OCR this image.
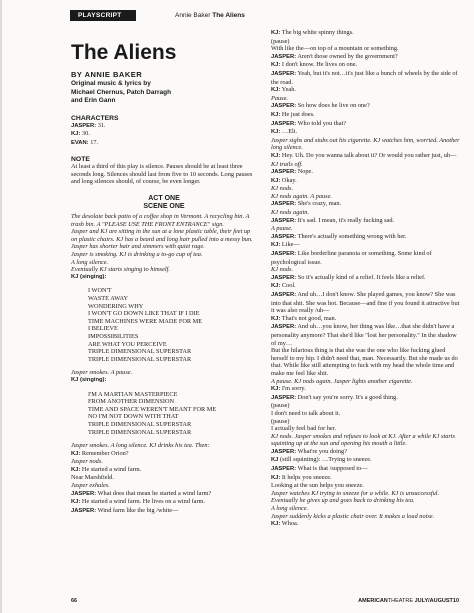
PLAYSCRIPT	Annie Baker The Aliens
The Aliens
BY ANNIE BAKER
Original music & lyrics by
Michael Chernus, Patch Darragh
and Erin Gann
CHARACTERS
JASPER: 31.
KJ: 30.
EVAN: 17.
NOTE
At least a third of this play is silence. Pauses should be at least three seconds long. Silences should last from five to 10 seconds. Long pauses and long silences should, of course, be even longer.
ACT ONE
SCENE ONE
The desolate back patio of a coffee shop in Vermont. A recycling bin. A trash bin. A "PLEASE USE THE FRONT ENTRANCE" sign.
Jasper and KJ are sitting in the sun at a lone plastic table, their feet up on plastic chairs. KJ has a beard and long hair pulled into a messy bun. Jasper has shorter hair and simmers with quiet rage.
Jasper is smoking. KJ is drinking a to-go cup of tea.
A long silence.
Eventually KJ starts singing to himself.
KJ (singing):
I WON'T
WASTE AWAY
WONDERING WHY
I WON'T GO DOWN LIKE THAT IF I DIE
TIME MACHINES WERE MADE FOR ME
I BELIEVE
IMPOSSIBILITIES
ARE WHAT YOU PERCEIVE
TRIPLE DIMENSIONAL SUPERSTAR
TRIPLE DIMENSIONAL SUPERSTAR
Jasper smokes. A pause.
KJ (singing):
I'M A MARTIAN MASTERPIECE
FROM ANOTHER DIMENSION
TIME AND SPACE WEREN'T MEANT FOR ME
NO I'M NOT DOWN WITH THAT
TRIPLE DIMENSIONAL SUPERSTAR
TRIPLE DIMENSIONAL SUPERSTAR
Jasper smokes. A long silence. KJ drinks his tea. Then:
KJ: Remember Orion?
Jasper nods.
KJ: He started a wind farm.
Near Marshfield.
Jasper exhales.
JASPER: What does that mean he started a wind farm?
KJ: He started a wind farm. He lives on a wind farm.
JASPER: Wind farm like the big /white—
KJ: The big white spinny things.
(pause)
With like the—on top of a mountain or something.
JASPER: Aren't those owned by the government?
KJ: I don't know. He lives on one.
JASPER: Yeah, but it's not…it's just like a bunch of wheels by the side of the road.
KJ: Yeah.
Pause.
JASPER: So how does he live on one?
KJ: He just does.
JASPER: Who told you that?
KJ: …Eli.
Jasper sighs and stubs out his cigarette. KJ watches him, worried. Another long silence.
KJ: Hey. Uh. Do you wanna talk about it? Or would you rather just, uh—
KJ trails off.
JASPER: Nope.
KJ: Okay.
KJ nods.
KJ nods again. A pause.
JASPER: She's crazy, man.
KJ nods again.
JASPER: It's sad. I mean, it's really fucking sad.
A pause.
JASPER: There's actually something wrong with her.
KJ: Like—
JASPER: Like borderline paranoia or something. Some kind of psychological issue.
KJ nods.
JASPER: So it's actually kind of a relief. It feels like a relief.
KJ: Cool.
JASPER: And uh…I don't know. She played games, you know? She was into that shit. She was hot. Because—and fine if you found it attractive but it was also really /uh—
KJ: That's not good, man.
JASPER: And uh…you know, her thing was like…that she didn't have a personality anymore? That she'd like "lost her personality." In the shadow of my…
But the hilarious thing is that she was the one who like fucking glued herself to my hip. I didn't need that, man. Necessarily. But she made us do that. While like still attempting to fuck with my head the whole time and make me feel like shit.
A pause. KJ nods again. Jasper lights another cigarette.
KJ: I'm sorry.
JASPER: Don't say you're sorry. It's a good thing.
(pause)
I don't need to talk about it.
(pause)
I actually feel bad for her.
KJ nods. Jasper smokes and refuses to look at KJ. After a while KJ starts squinting up at the sun and opening his mouth a little.
JASPER: What're you doing?
KJ (still squinting): …Trying to sneeze.
JASPER: What is that /supposed to—
KJ: It helps you sneeze.
Looking at the sun helps you sneeze.
Jasper watches KJ trying to sneeze for a while. KJ is unsuccessful. Eventually he gives up and goes back to drinking his tea.
A long silence.
Jasper suddenly kicks a plastic chair over. It makes a loud noise.
KJ: Whoa.
66	AMERICANTHEATRE JULY/AUGUST10
